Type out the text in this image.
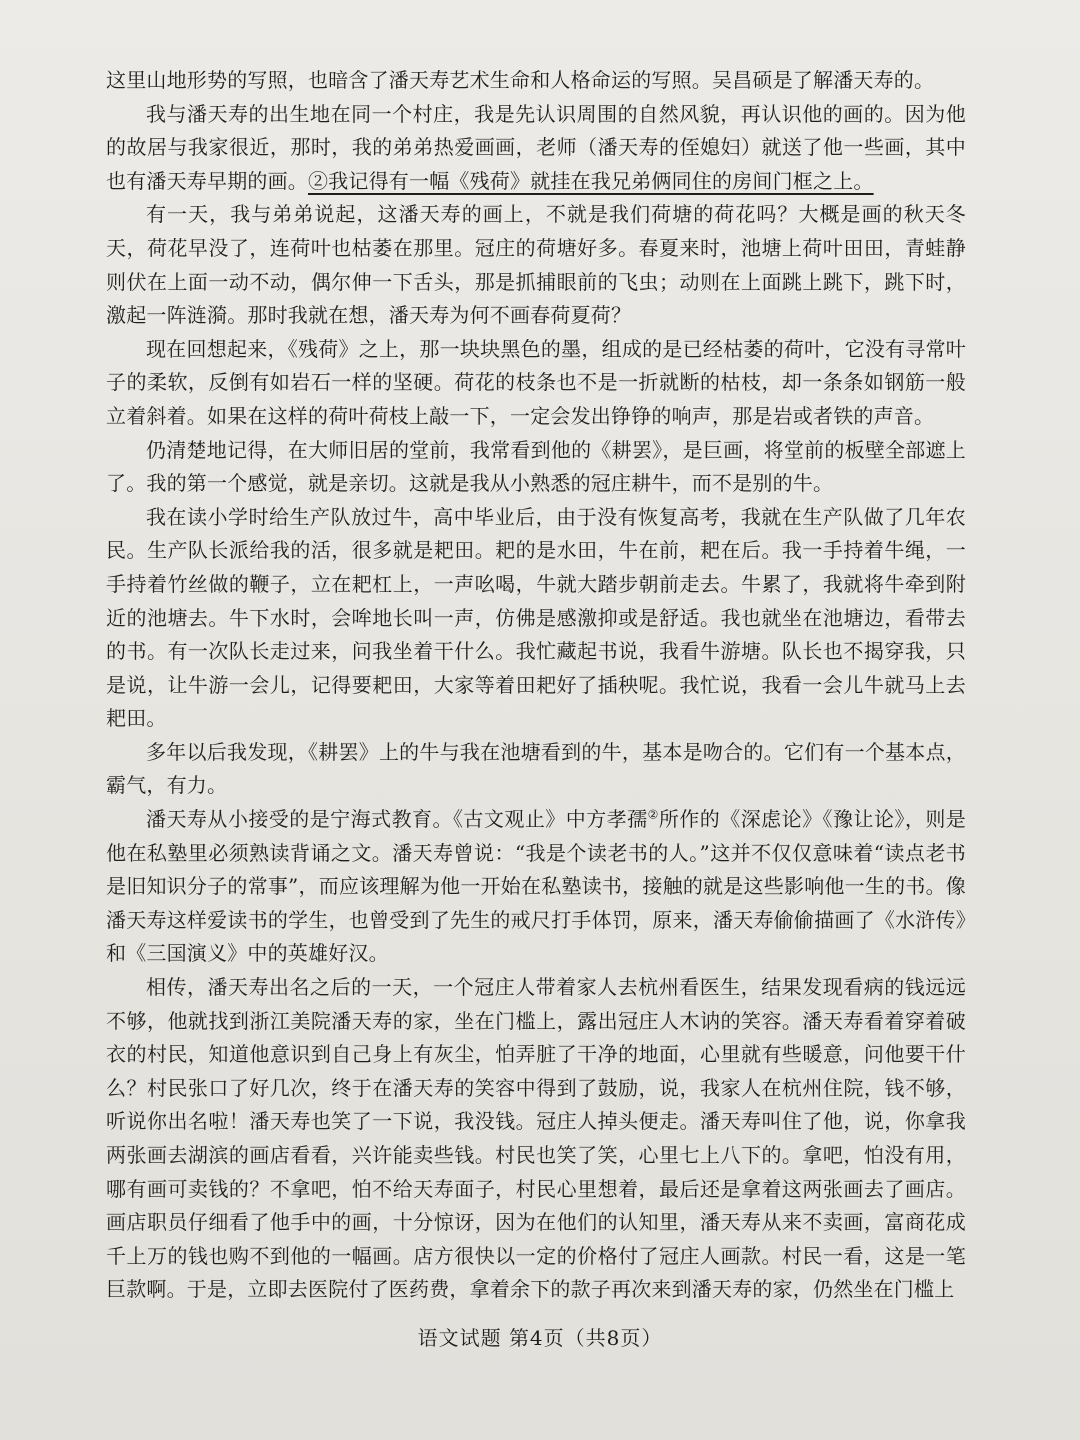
这里山地形势的写照，也暗含了潘天寿艺术生命和人格命运的写照。吴昌硕是了解潘天寿的。

我与潘天寿的出生地在同一个村庄，我是先认识周围的自然风貌，再认识他的画的。因为他的故居与我家很近，那时，我的弟弟热爱画画，老师（潘天寿的侄媳妇）就送了他一些画，其中也有潘天寿早期的画。②我记得有一幅《残荷》就挂在我兄弟俩同住的房间门框之上。

有一天，我与弟弟说起，这潘天寿的画上，不就是我们荷塘的荷花吗？大概是画的秋天冬天，荷花早没了，连荷叶也枯萎在那里。冠庄的荷塘好多。春夏来时，池塘上荷叶田田，青蛙静则伏在上面一动不动，偶尔伸一下舌头，那是抓捕眼前的飞虫；动则在上面跳上跳下，跳下时，激起一阵涟漪。那时我就在想，潘天寿为何不画春荷夏荷？

现在回想起来，《残荷》之上，那一块块黑色的墨，组成的是已经枯萎的荷叶，它没有寻常叶子的柔软，反倒有如岩石一样的坚硬。荷花的枝条也不是一折就断的枯枝，却一条条如钢筋一般立着斜着。如果在这样的荷叶荷枝上敲一下，一定会发出铮铮的响声，那是岩或者铁的声音。

仍清楚地记得，在大师旧居的堂前，我常看到他的《耕罢》，是巨画，将堂前的板壁全部遮上了。我的第一个感觉，就是亲切。这就是我从小熟悉的冠庄耕牛，而不是别的牛。

我在读小学时给生产队放过牛，高中毕业后，由于没有恢复高考，我就在生产队做了几年农民。生产队长派给我的活，很多就是耙田。耙的是水田，牛在前，耙在后。我一手持着牛绳，一手持着竹丝做的鞭子，立在耙杠上，一声吆喝，牛就大踏步朝前走去。牛累了，我就将牛牵到附近的池塘去。牛下水时，会哞地长叫一声，仿佛是感激抑或是舒适。我也就坐在池塘边，看带去的书。有一次队长走过来，问我坐着干什么。我忙藏起书说，我看牛游塘。队长也不揭穿我，只是说，让牛游一会儿，记得要耙田，大家等着田耙好了插秧呢。我忙说，我看一会儿牛就马上去耙田。

多年以后我发现，《耕罢》上的牛与我在池塘看到的牛，基本是吻合的。它们有一个基本点，霸气，有力。

潘天寿从小接受的是宁海式教育。《古文观止》中方孝孺②所作的《深虑论》《豫让论》，则是他在私塾里必须熟读背诵之文。潘天寿曾说：“我是个读老书的人。”这并不仅仅意味着“读点老书是旧知识分子的常事”，而应该理解为他一开始在私塾读书，接触的就是这些影响他一生的书。像潘天寿这样爱读书的学生，也曾受到了先生的戒尺打手体罚，原来，潘天寿偷偷描画了《水浒传》和《三国演义》中的英雄好汉。

相传，潘天寿出名之后的一天，一个冠庄人带着家人去杭州看医生，结果发现看病的钱远远不够，他就找到浙江美院潘天寿的家，坐在门槛上，露出冠庄人木讷的笑容。潘天寿看着穿着破衣的村民，知道他意识到自己身上有灰尘，怕弄脏了干净的地面，心里就有些暖意，问他要干什么？村民张口了好几次，终于在潘天寿的笑容中得到了鼓励，说，我家人在杭州住院，钱不够，听说你出名啦！潘天寿也笑了一下说，我没钱。冠庄人掉头便走。潘天寿叫住了他，说，你拿我两张画去湖滨的画店看看，兴许能卖些钱。村民也笑了笑，心里七上八下的。拿吧，怕没有用，哪有画可卖钱的？不拿吧，怕不给天寿面子，村民心里想着，最后还是拿着这两张画去了画店。画店职员仔细看了他手中的画，十分惊讶，因为在他们的认知里，潘天寿从来不卖画，富商花成千上万的钱也购不到他的一幅画。店方很快以一定的价格付了冠庄人画款。村民一看，这是一笔巨款啊。于是，立即去医院付了医药费，拿着余下的款子再次来到潘天寿的家，仍然坐在门槛上

语文试题 第4页（共8页）
